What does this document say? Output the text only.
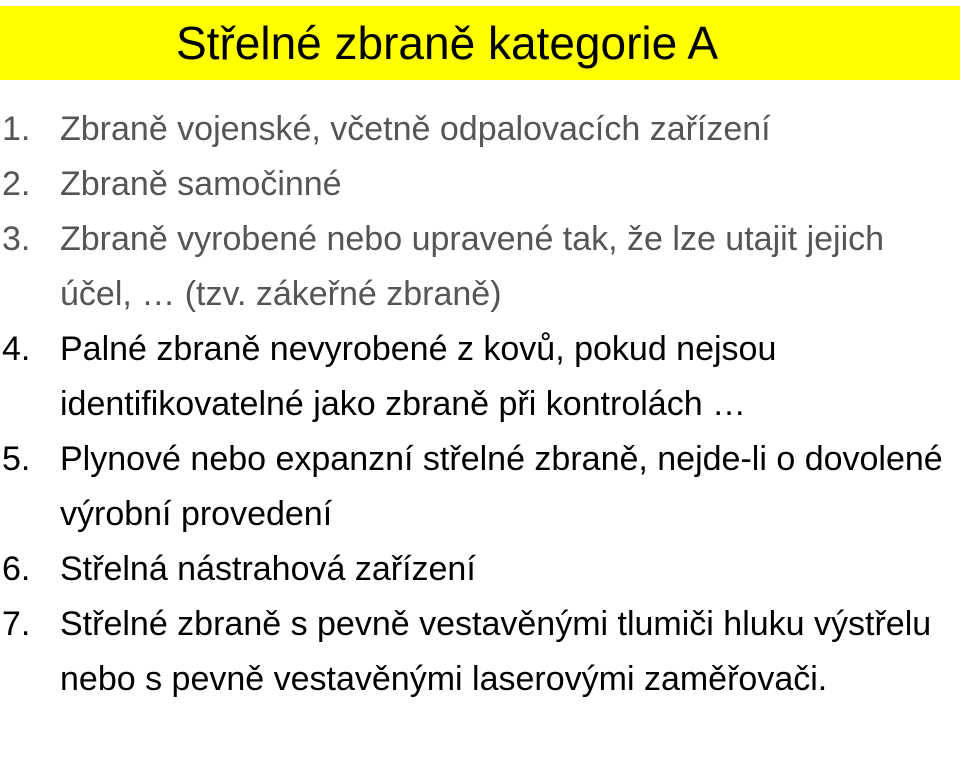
Střelné zbraně kategorie A
1. Zbraně vojenské, včetně odpalovacích zařízení
2. Zbraně samočinné
3. Zbraně vyrobené nebo upravené tak, že lze utajit jejich účel, … (tzv. zákeřné zbraně)
4. Palné zbraně nevyrobené z kovů, pokud nejsou identifikovatelné jako zbraně při kontrolách …
5. Plynové nebo expanzní střelné zbraně, nejde-li o dovolené výrobní provedení
6. Střelná nástrahová zařízení
7. Střelné zbraně s pevně vestavěnými tlumiči hluku výstřelu nebo s pevně vestavěnými laserovými zaměřovači.
